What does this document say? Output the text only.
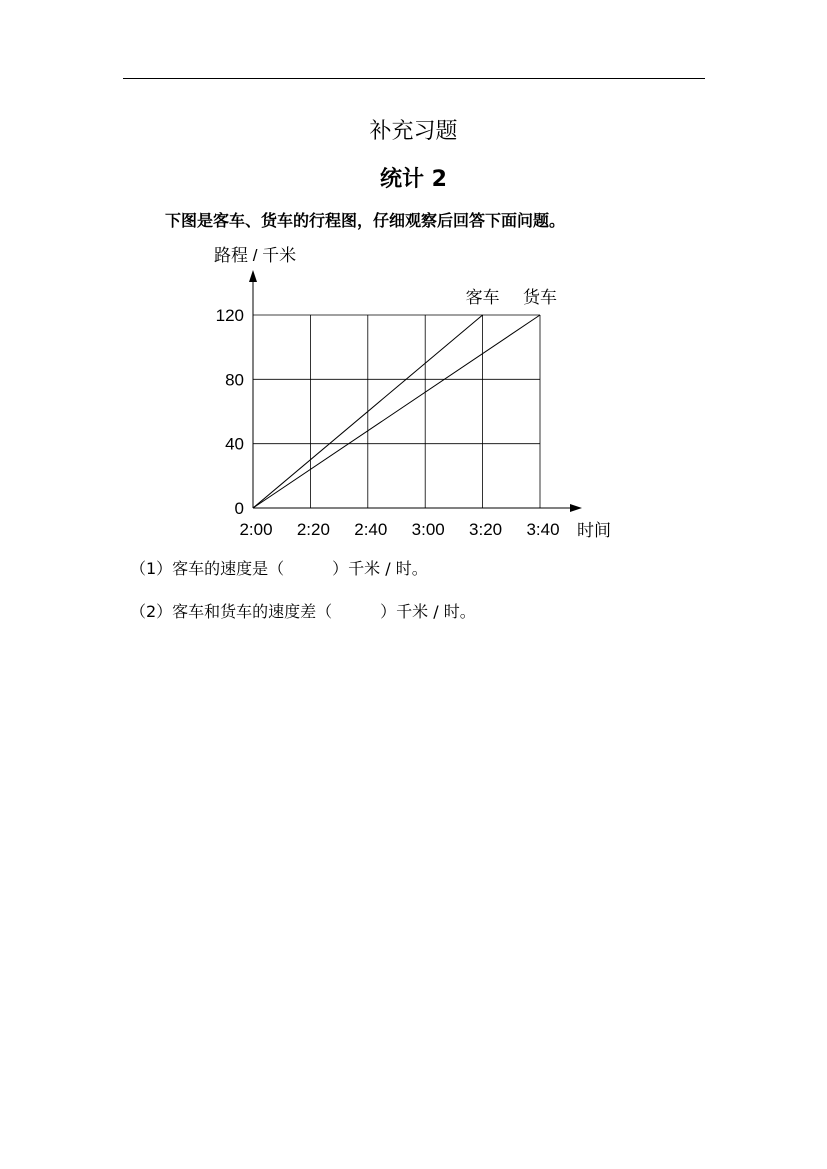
补充习题
统计 2

下图是客车、货车的行程图，仔细观察后回答下面问题。

0
40
80
120
2:00 2:20 2:40 3:00 3:20 3:40
路程 / 千米
时间
客车 货车

（1）客车的速度是（　　　）千米 / 时。

（2）客车和货车的速度差（　　　）千米 / 时。
